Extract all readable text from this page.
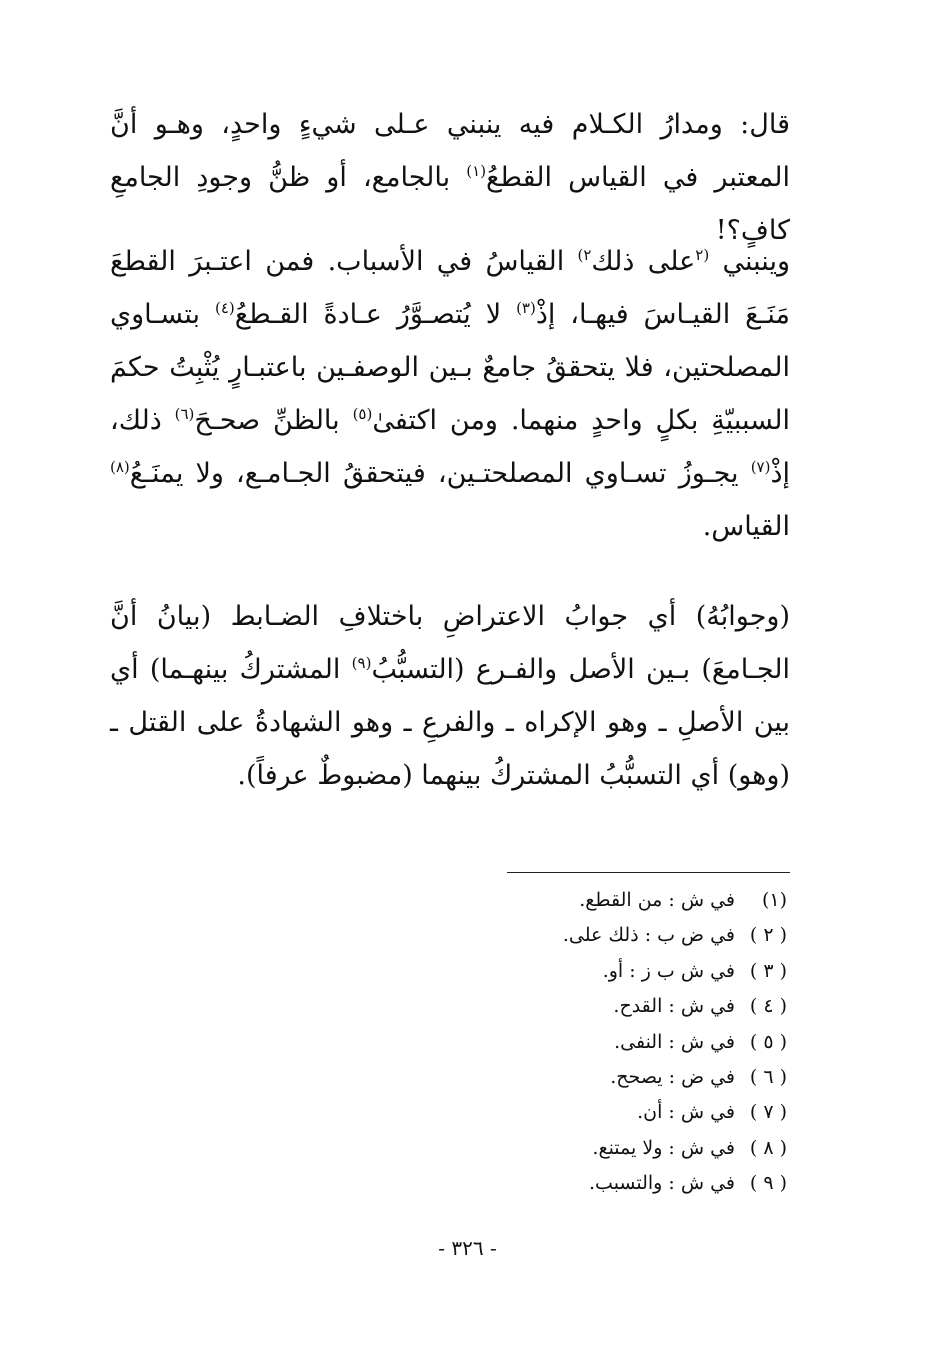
قال: ومدارُ الكـلام فيه ينبني عـلى شيءٍ واحدٍ، وهـو أنَّ المعتبر في القياس القطعُ$^{(١)}$ بالجامع، أو ظنُّ وجودِ الجامعِ كافٍ؟!

وينبني $^{(٢}$على ذلك$^{٢)}$ القياسُ في الأسباب. فمن اعتـبرَ القطعَ مَنَـعَ القيـاسَ فيهـا، إذْ$^{(٣)}$ لا يُتصـوَّرُ عـادةً القـطعُ$^{(٤)}$ بتسـاوي المصلحتين، فلا يتحققُ جامعٌ بـين الوصفـين باعتبـارٍ يُثْبِتُ حكمَ السببيّةِ بكلٍ واحدٍ منهما. ومن اكتفىٰ$^{(٥)}$ بالظنِّ صحـحَ$^{(٦)}$ ذلك، إذْ$^{(٧)}$ يجـوزُ تسـاوي المصلحتـين، فيتحققُ الجـامـع، ولا يمنَـعُ$^{(٨)}$ القياس.

(وجوابُهُ) أي جوابُ الاعتراضِ باختلافِ الضـابط (بيانُ أنَّ الجـامعَ) بـين الأصل والفـرع (التسبُّبُ$^{(٩)}$ المشتركُ بينهـما) أي بين الأصلِ ـ وهو الإكراه ـ والفرعِ ـ وهو الشهادةُ على القتل ـ (وهو) أي التسبُّبُ المشتركُ بينهما (مضبوطٌ عرفاً).

(١)في ش : من القطع.
( ٢ )في ض ب : ذلك على.
( ٣ )في ش ب ز : أو.
( ٤ )في ش : القدح.
( ٥ )في ش : النفى.
( ٦ )في ض : يصحح.
( ٧ )في ش : أن.
( ٨ )في ش : ولا يمتنع.
( ٩ )في ش : والتسبب.
- ٣٢٦ -
